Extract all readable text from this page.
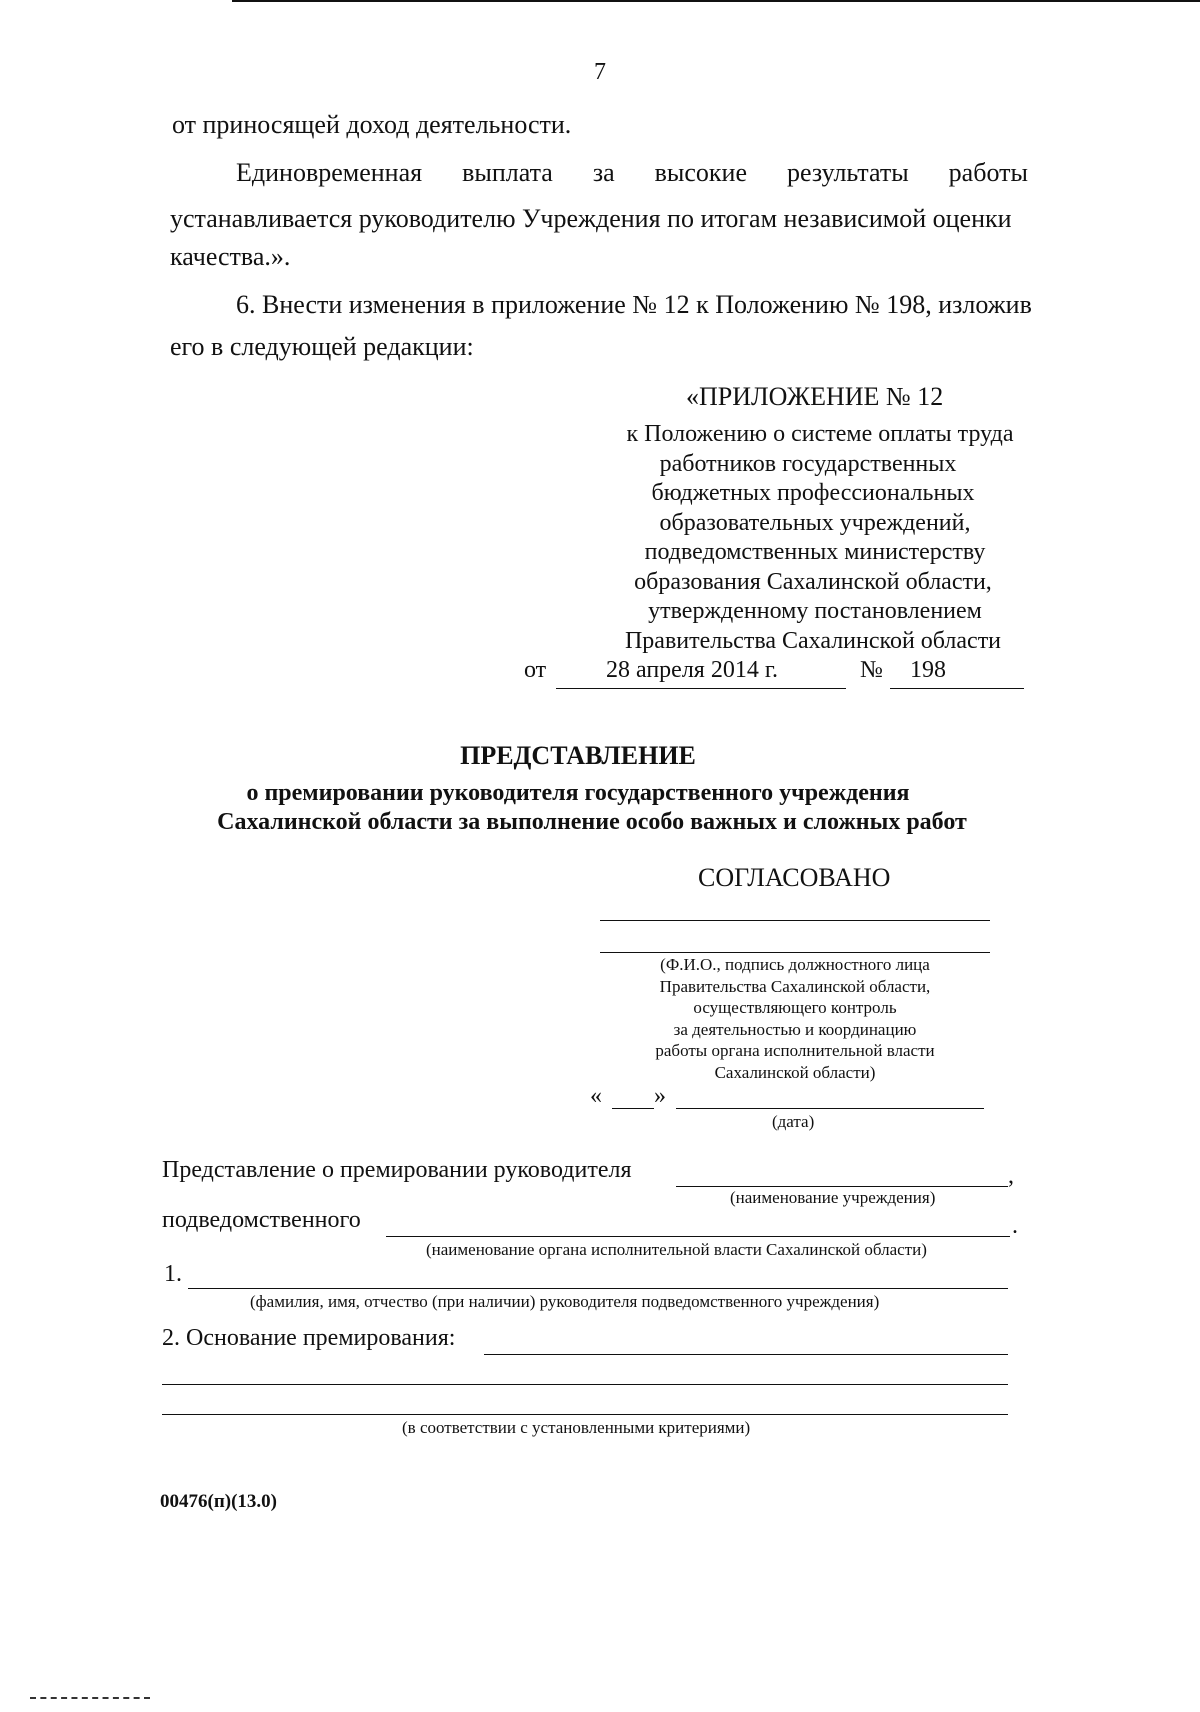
7
от приносящей доход деятельности.
Единовременная выплата за высокие результаты работы
устанавливается руководителю Учреждения по итогам независимой оценки
качества.».
6. Внести изменения в приложение № 12 к Положению № 198, изложив
его в следующей редакции:
«ПРИЛОЖЕНИЕ № 12
к Положению о системе оплаты труда
работников государственных
бюджетных профессиональных
образовательных учреждений,
подведомственных министерству
образования Сахалинской области,
утвержденному постановлением
Правительства Сахалинской области
от 28 апреля 2014 г.	№ 198
ПРЕДСТАВЛЕНИЕ
о премировании руководителя государственного учреждения
Сахалинской области за выполнение особо важных и сложных работ
СОГЛАСОВАНО
(Ф.И.О., подпись должностного лица
Правительства Сахалинской области,
осуществляющего контроль
за деятельностью и координацию
работы органа исполнительной власти
Сахалинской области)
« »
(дата)
Представление о премировании руководителя	,
(наименование учреждения)
подведомственного	.
(наименование органа исполнительной власти Сахалинской области)
1.
(фамилия, имя, отчество (при наличии) руководителя подведомственного учреждения)
2. Основание премирования:
(в соответствии с установленными критериями)
00476(п)(13.0)
